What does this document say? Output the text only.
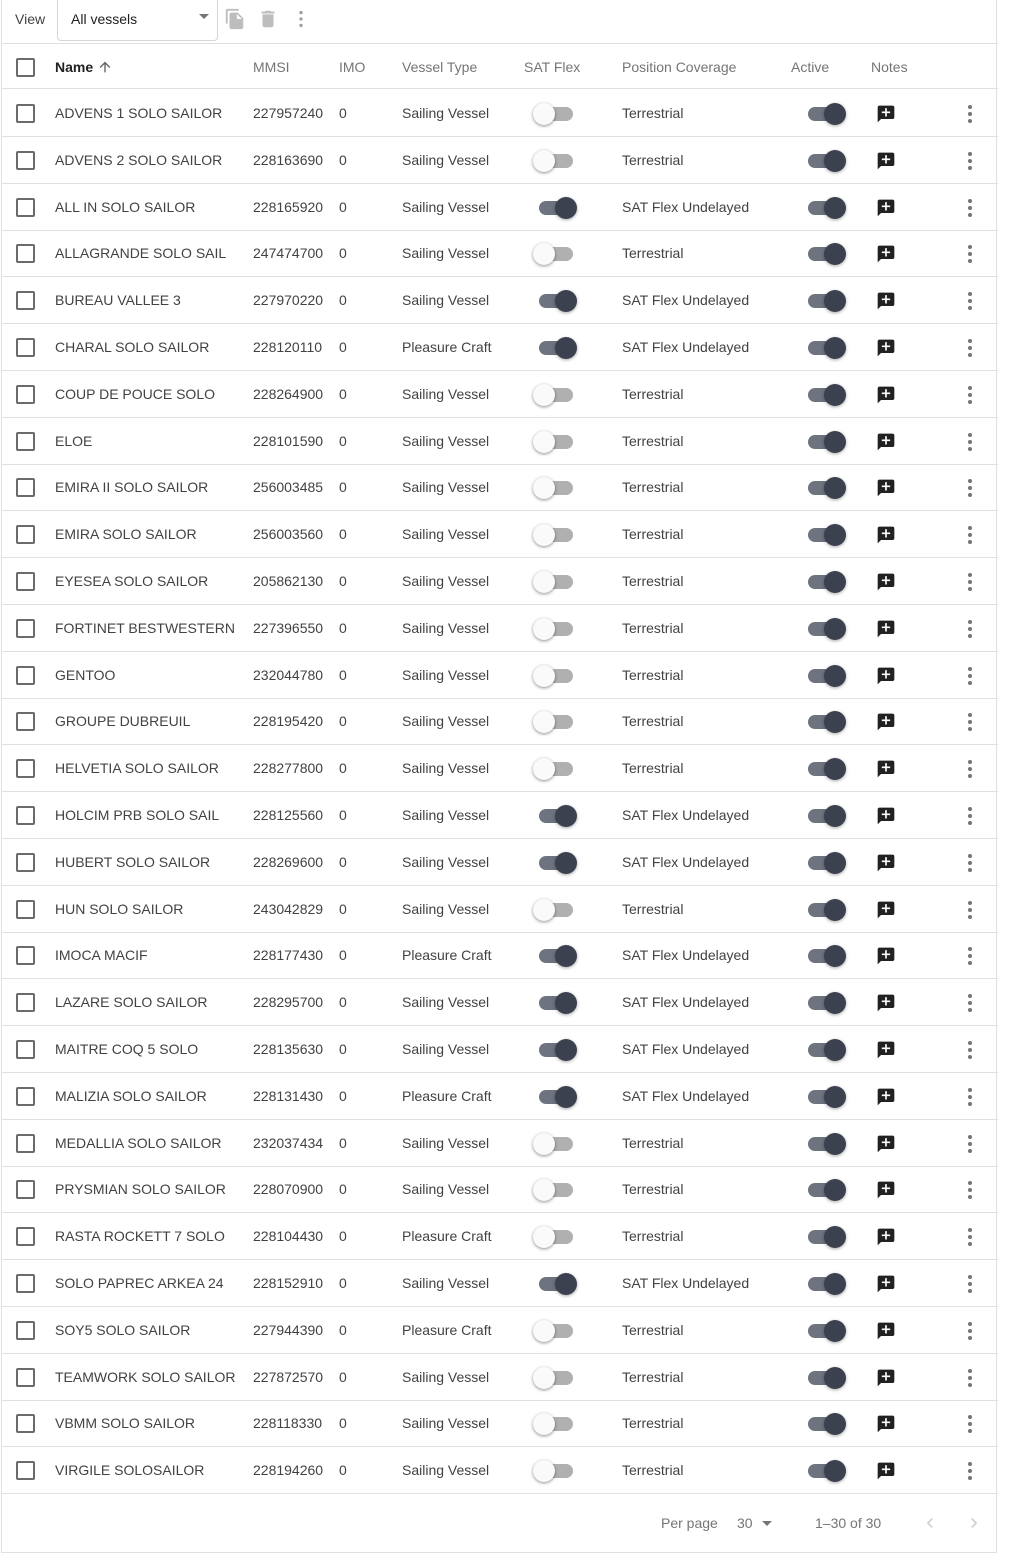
View All vessels
Name	MMSI	IMO	Vessel Type	SAT Flex	Position Coverage	Active	Notes
ADVENS 1 SOLO SAILOR 227957240 0	Sailing Vessel	Terrestrial
ADVENS 2 SOLO SAILOR 228163690 0	Sailing Vessel	Terrestrial
ALL IN SOLO SAILOR	228165920 0	Sailing Vessel	SAT Flex Undelayed
ALLAGRANDE SOLO SAIL 247474700 0	Sailing Vessel	Terrestrial
BUREAU VALLEE 3	227970220 0	Sailing Vessel	SAT Flex Undelayed
CHARAL SOLO SAILOR	228120110 0	Pleasure Craft	SAT Flex Undelayed
COUP DE POUCE SOLO	228264900 0	Sailing Vessel	Terrestrial
ELOE	228101590 0	Sailing Vessel	Terrestrial
EMIRA II SOLO SAILOR	256003485 0	Sailing Vessel	Terrestrial
EMIRA SOLO SAILOR	256003560 0	Sailing Vessel	Terrestrial
EYESEA SOLO SAILOR	205862130 0	Sailing Vessel	Terrestrial
FORTINET BESTWESTERN 227396550 0	Sailing Vessel	Terrestrial
GENTOO	232044780 0	Sailing Vessel	Terrestrial
GROUPE DUBREUIL	228195420 0	Sailing Vessel	Terrestrial
HELVETIA SOLO SAILOR 228277800 0	Sailing Vessel	Terrestrial
HOLCIM PRB SOLO SAIL 228125560 0	Sailing Vessel	SAT Flex Undelayed
HUBERT SOLO SAILOR	228269600 0	Sailing Vessel	SAT Flex Undelayed
HUN SOLO SAILOR	243042829 0	Sailing Vessel	Terrestrial
IMOCA MACIF	228177430 0	Pleasure Craft	SAT Flex Undelayed
LAZARE SOLO SAILOR	228295700 0	Sailing Vessel	SAT Flex Undelayed
MAITRE COQ 5 SOLO	228135630 0	Sailing Vessel	SAT Flex Undelayed
MALIZIA SOLO SAILOR	228131430 0	Pleasure Craft	SAT Flex Undelayed
MEDALLIA SOLO SAILOR 232037434 0	Sailing Vessel	Terrestrial
PRYSMIAN SOLO SAILOR 228070900 0	Sailing Vessel	Terrestrial
RASTA ROCKETT 7 SOLO 228104430 0	Pleasure Craft	Terrestrial
SOLO PAPREC ARKEA 24 228152910 0	Sailing Vessel	SAT Flex Undelayed
SOY5 SOLO SAILOR	227944390 0	Pleasure Craft	Terrestrial
TEAMWORK SOLO SAILOR 227872570 0	Sailing Vessel	Terrestrial
VBMM SOLO SAILOR	228118330 0	Sailing Vessel	Terrestrial
VIRGILE SOLOSAILOR	228194260 0	Sailing Vessel	Terrestrial
Per page 30	1–30 of 30
